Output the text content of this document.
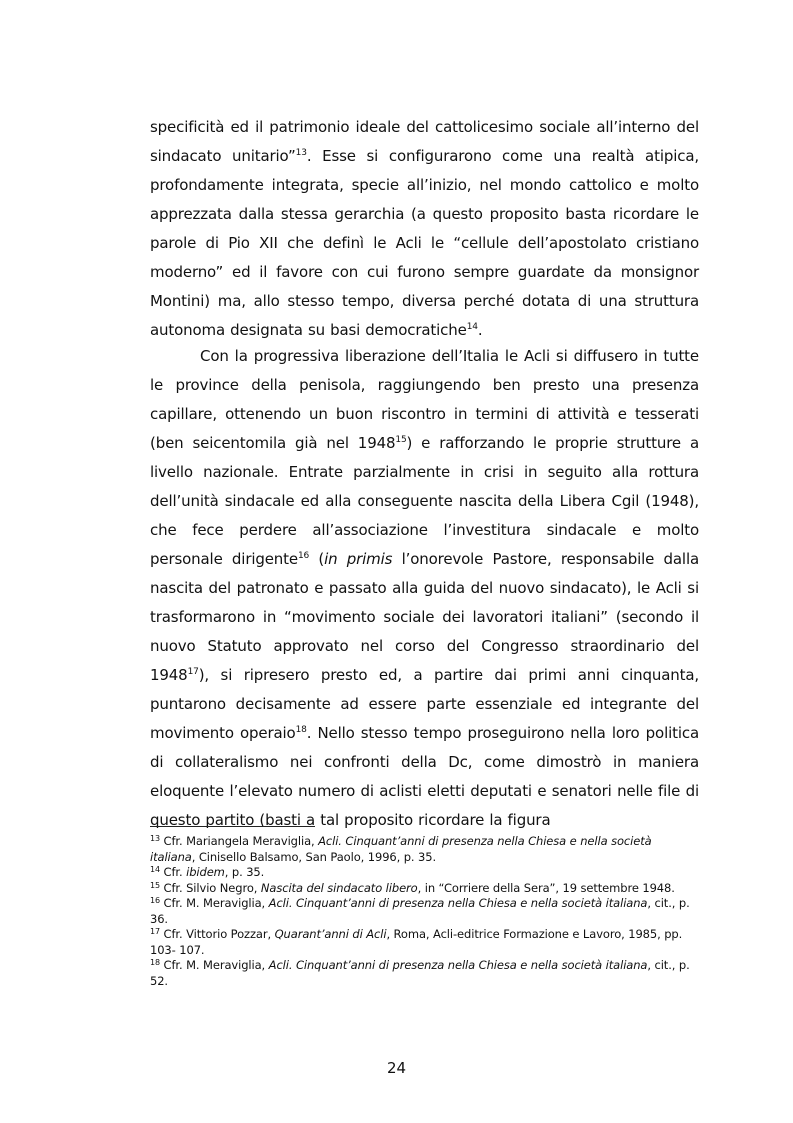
specificità ed il patrimonio ideale del cattolicesimo sociale all’interno del sindacato unitario”$^{13}$. Esse si configurarono come una realtà atipica, profondamente integrata, specie all’inizio, nel mondo cattolico e molto apprezzata dalla stessa gerarchia (a questo proposito basta ricordare le parole di Pio XII che definì le Acli le “cellule dell’apostolato cristiano moderno” ed il favore con cui furono sempre guardate da monsignor Montini) ma, allo stesso tempo, diversa perché dotata di una struttura autonoma designata su basi democratiche$^{14}$.

Con la progressiva liberazione dell’Italia le Acli si diffusero in tutte le province della penisola, raggiungendo ben presto una presenza capillare, ottenendo un buon riscontro in termini di attività e tesserati (ben seicentomila già nel 1948$^{15}$) e rafforzando le proprie strutture a livello nazionale. Entrate parzialmente in crisi in seguito alla rottura dell’unità sindacale ed alla conseguente nascita della Libera Cgil (1948), che fece perdere all’associazione l’investitura sindacale e molto personale dirigente$^{16}$ (in primis l’onorevole Pastore, responsabile dalla nascita del patronato e passato alla guida del nuovo sindacato), le Acli si trasformarono in “movimento sociale dei lavoratori italiani” (secondo il nuovo Statuto approvato nel corso del Congresso straordinario del 1948$^{17}$), si ripresero presto ed, a partire dai primi anni cinquanta, puntarono decisamente ad essere parte essenziale ed integrante del movimento operaio$^{18}$. Nello stesso tempo proseguirono nella loro politica di collateralismo nei confronti della Dc, come dimostrò in maniera eloquente l’elevato numero di aclisti eletti deputati e senatori nelle file di questo partito (basti a tal proposito ricordare la figura

$^{13}$ Cfr. Mariangela Meraviglia, Acli. Cinquant’anni di presenza nella Chiesa e nella società italiana, Cinisello Balsamo, San Paolo, 1996, p. 35.

$^{14}$ Cfr. ibidem, p. 35.

$^{15}$ Cfr. Silvio Negro, Nascita del sindacato libero, in “Corriere della Sera”, 19 settembre 1948.

$^{16}$ Cfr. M. Meraviglia, Acli. Cinquant’anni di presenza nella Chiesa e nella società italiana, cit., p. 36.

$^{17}$ Cfr. Vittorio Pozzar, Quarant’anni di Acli, Roma, Acli-editrice Formazione e Lavoro, 1985, pp. 103- 107.

$^{18}$ Cfr. M. Meraviglia, Acli. Cinquant’anni di presenza nella Chiesa e nella società italiana, cit., p. 52.

24
